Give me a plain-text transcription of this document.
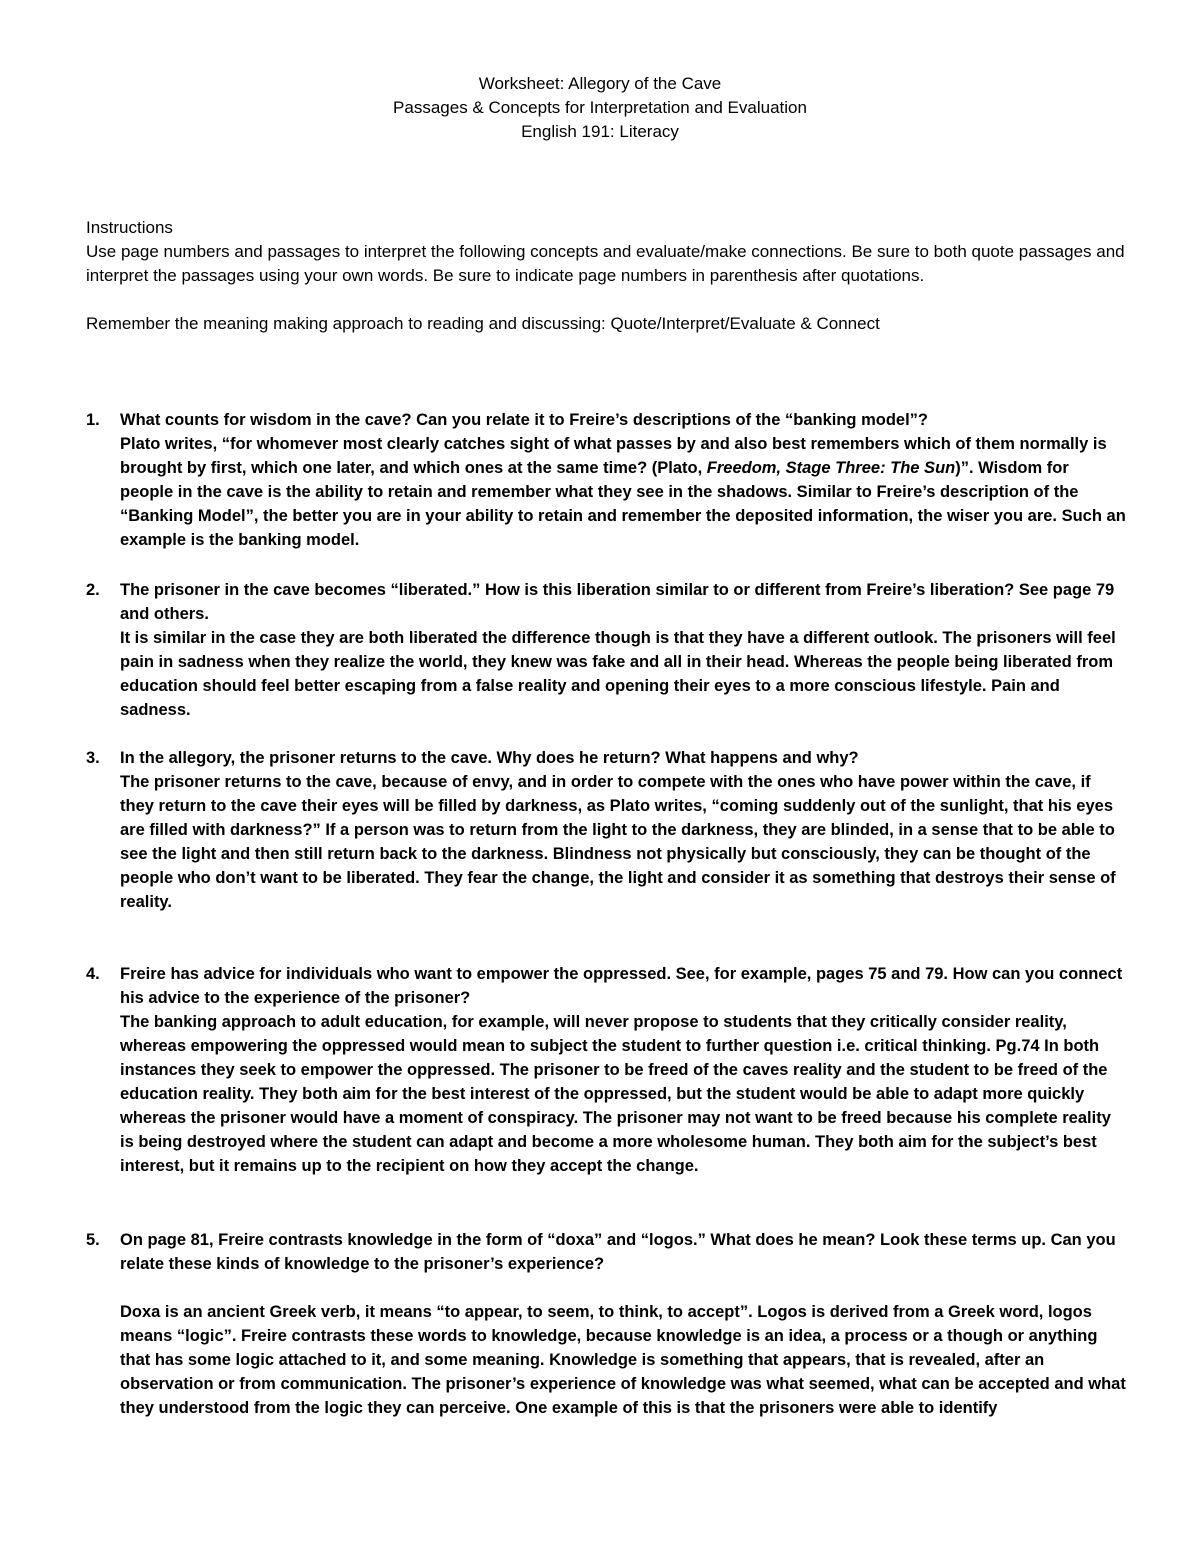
Worksheet: Allegory of the Cave
Passages & Concepts for Interpretation and Evaluation
English 191: Literacy
Instructions
Use page numbers and passages to interpret the following concepts and evaluate/make connections. Be sure to both quote passages and interpret the passages using your own words. Be sure to indicate page numbers in parenthesis after quotations.
Remember the meaning making approach to reading and discussing: Quote/Interpret/Evaluate & Connect
1.	What counts for wisdom in the cave? Can you relate it to Freire’s descriptions of the “banking model”?
Plato writes, “for whomever most clearly catches sight of what passes by and also best remembers which of them normally is brought by first, which one later, and which ones at the same time? (Plato, Freedom, Stage Three: The Sun)”. Wisdom for people in the cave is the ability to retain and remember what they see in the shadows. Similar to Freire’s description of the “Banking Model”, the better you are in your ability to retain and remember the deposited information, the wiser you are. Such an example is the banking model.
2.	The prisoner in the cave becomes “liberated.” How is this liberation similar to or different from Freire’s liberation? See page 79 and others.
It is similar in the case they are both liberated the difference though is that they have a different outlook. The prisoners will feel pain in sadness when they realize the world, they knew was fake and all in their head. Whereas the people being liberated from education should feel better escaping from a false reality and opening their eyes to a more conscious lifestyle. Pain and sadness.
3.	In the allegory, the prisoner returns to the cave. Why does he return? What happens and why?
The prisoner returns to the cave, because of envy, and in order to compete with the ones who have power within the cave, if they return to the cave their eyes will be filled by darkness, as Plato writes, “coming suddenly out of the sunlight, that his eyes are filled with darkness?” If a person was to return from the light to the darkness, they are blinded, in a sense that to be able to see the light and then still return back to the darkness. Blindness not physically but consciously, they can be thought of the people who don’t want to be liberated. They fear the change, the light and consider it as something that destroys their sense of reality.
4.	Freire has advice for individuals who want to empower the oppressed. See, for example, pages 75 and 79. How can you connect his advice to the experience of the prisoner?
The banking approach to adult education, for example, will never propose to students that they critically consider reality, whereas empowering the oppressed would mean to subject the student to further question i.e. critical thinking. Pg.74 In both instances they seek to empower the oppressed. The prisoner to be freed of the caves reality and the student to be freed of the education reality. They both aim for the best interest of the oppressed, but the student would be able to adapt more quickly whereas the prisoner would have a moment of conspiracy. The prisoner may not want to be freed because his complete reality is being destroyed where the student can adapt and become a more wholesome human. They both aim for the subject’s best interest, but it remains up to the recipient on how they accept the change.
5.	On page 81, Freire contrasts knowledge in the form of “doxa” and “logos.” What does he mean? Look these terms up. Can you relate these kinds of knowledge to the prisoner’s experience?
Doxa is an ancient Greek verb, it means “to appear, to seem, to think, to accept”. Logos is derived from a Greek word, logos means “logic”. Freire contrasts these words to knowledge, because knowledge is an idea, a process or a though or anything that has some logic attached to it, and some meaning. Knowledge is something that appears, that is revealed, after an observation or from communication. The prisoner’s experience of knowledge was what seemed, what can be accepted and what they understood from the logic they can perceive. One example of this is that the prisoners were able to identify
